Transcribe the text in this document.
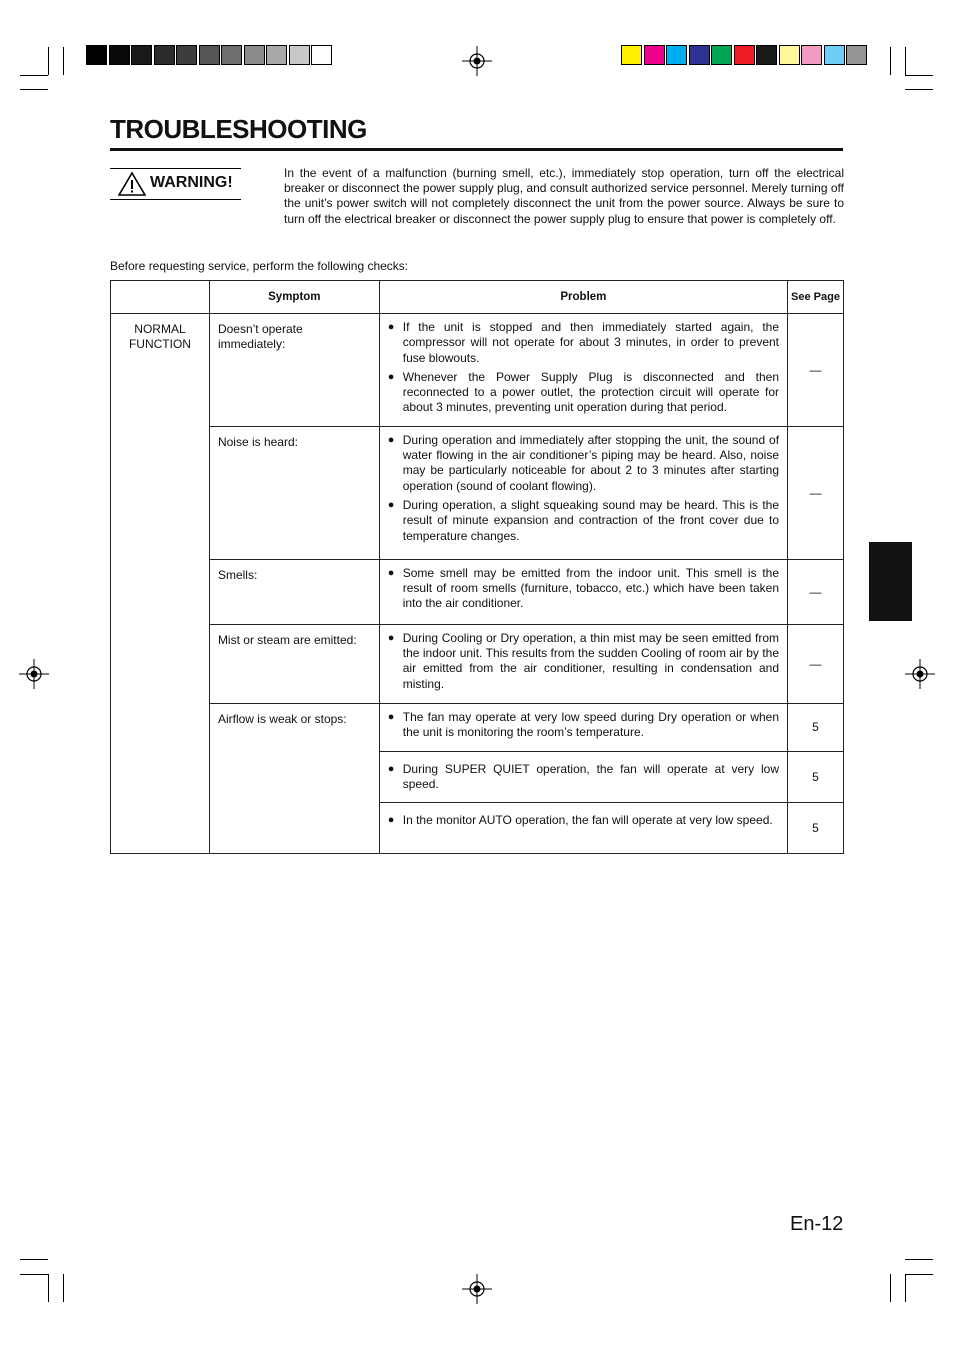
TROUBLESHOOTING
WARNING!
In the event of a malfunction (burning smell, etc.), immediately stop operation, turn off the electrical breaker or disconnect the power supply plug, and consult authorized service personnel. Merely turning off the unit’s power switch will not completely disconnect the unit from the power source. Always be sure to turn off the electrical breaker or disconnect the power supply plug to ensure that power is completely off.
Before requesting service, perform the following checks:
	Symptom	Problem	See Page
NORMAL FUNCTION	Doesn’t operate immediately:	● If the unit is stopped and then immediately started again, the compressor will not operate for about 3 minutes, in order to prevent fuse blowouts.
● Whenever the Power Supply Plug is disconnected and then reconnected to a power outlet, the protection circuit will operate for about 3 minutes, preventing unit operation during that period.	—
	Noise is heard:	● During operation and immediately after stopping the unit, the sound of water flowing in the air conditioner’s piping may be heard. Also, noise may be particularly noticeable for about 2 to 3 minutes after starting operation (sound of coolant flowing).
● During operation, a slight squeaking sound may be heard. This is the result of minute expansion and contraction of the front cover due to temperature changes.	—
	Smells:	● Some smell may be emitted from the indoor unit. This smell is the result of room smells (furniture, tobacco, etc.) which have been taken into the air conditioner.	—
	Mist or steam are emitted:	● During Cooling or Dry operation, a thin mist may be seen emitted from the indoor unit. This results from the sudden Cooling of room air by the air emitted from the air conditioner, resulting in condensation and misting.	—
	Airflow is weak or stops:	● The fan may operate at very low speed during Dry operation or when the unit is monitoring the room’s temperature.	5

		● During SUPER QUIET operation, the fan will operate at very low speed.	5

		● In the monitor AUTO operation, the fan will operate at very low speed.	5
En-12
